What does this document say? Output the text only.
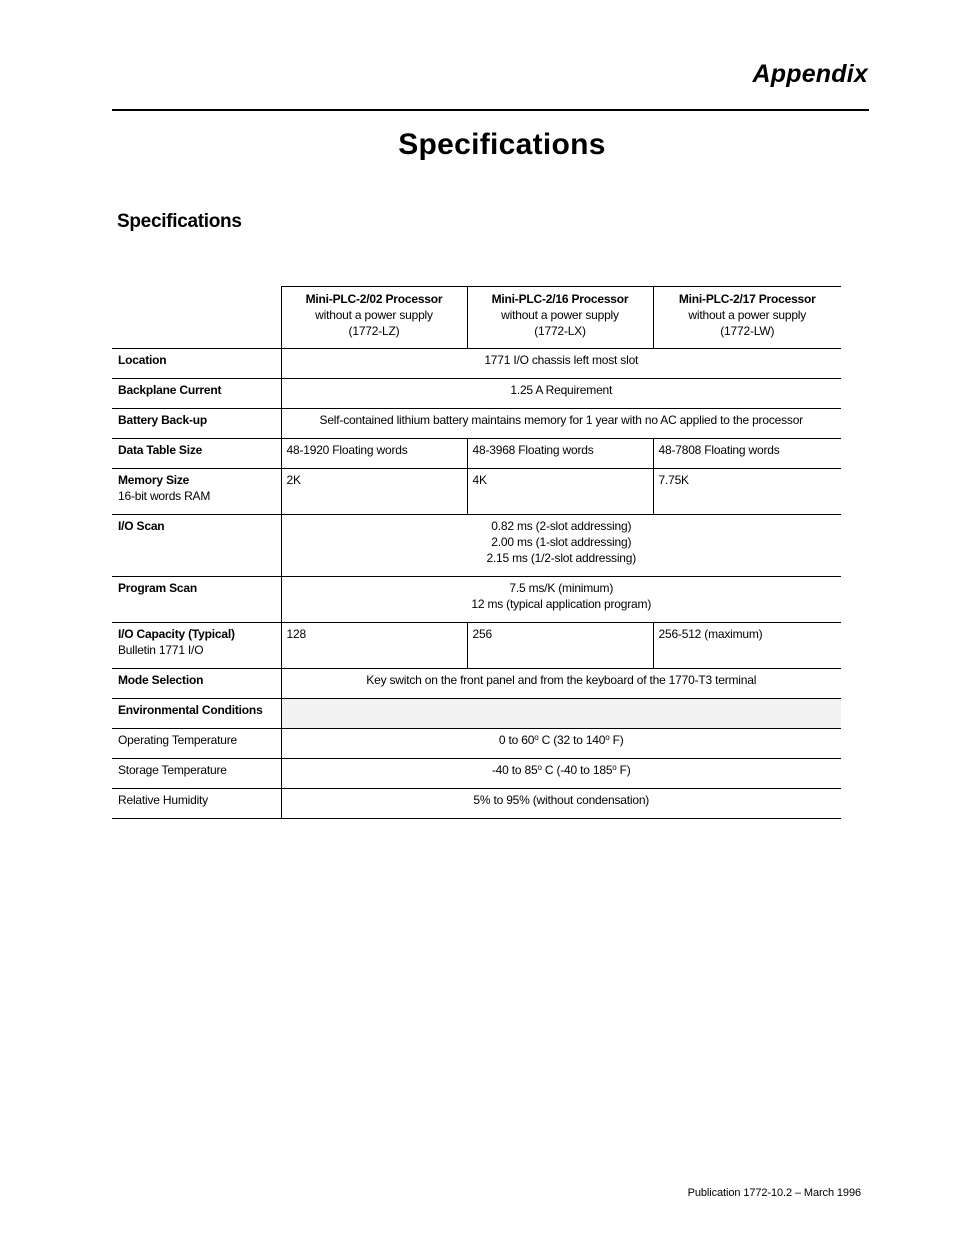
Appendix
Specifications
Specifications

	Mini-PLC-2/02 Processor
without a power supply
(1772-LZ)	Mini-PLC-2/16 Processor
without a power supply
(1772-LX)	Mini-PLC-2/17 Processor
without a power supply
(1772-LW)

Location	1771 I/O chassis left most slot		

Backplane Current	1.25 A Requirement		

Battery Back-up	Self-contained lithium battery maintains memory for 1 year with no AC applied to the processor		

Data Table Size	48-1920 Floating words	48-3968 Floating words	48-7808 Floating words

Memory Size
16-bit words RAM	2K	4K	7.75K

I/O Scan	0.82 ms (2-slot addressing)
2.00 ms (1-slot addressing)
2.15 ms (1/2-slot addressing)		

Program Scan	7.5 ms/K (minimum)
12 ms (typical application program)		

I/O Capacity (Typical)
Bulletin 1771 I/O	128	256	256-512 (maximum)

Mode Selection	Key switch on the front panel and from the keyboard of the 1770-T3 terminal		

Environmental Conditions			

Operating Temperature	0 to 60$^o$ C (32 to 140$^o$ F)		
Storage Temperature	-40 to 85$^o$ C (-40 to 185$^o$ F)		
Relative Humidity	5% to 95% (without condensation)		
Publication 1772-10.2 – March 1996
